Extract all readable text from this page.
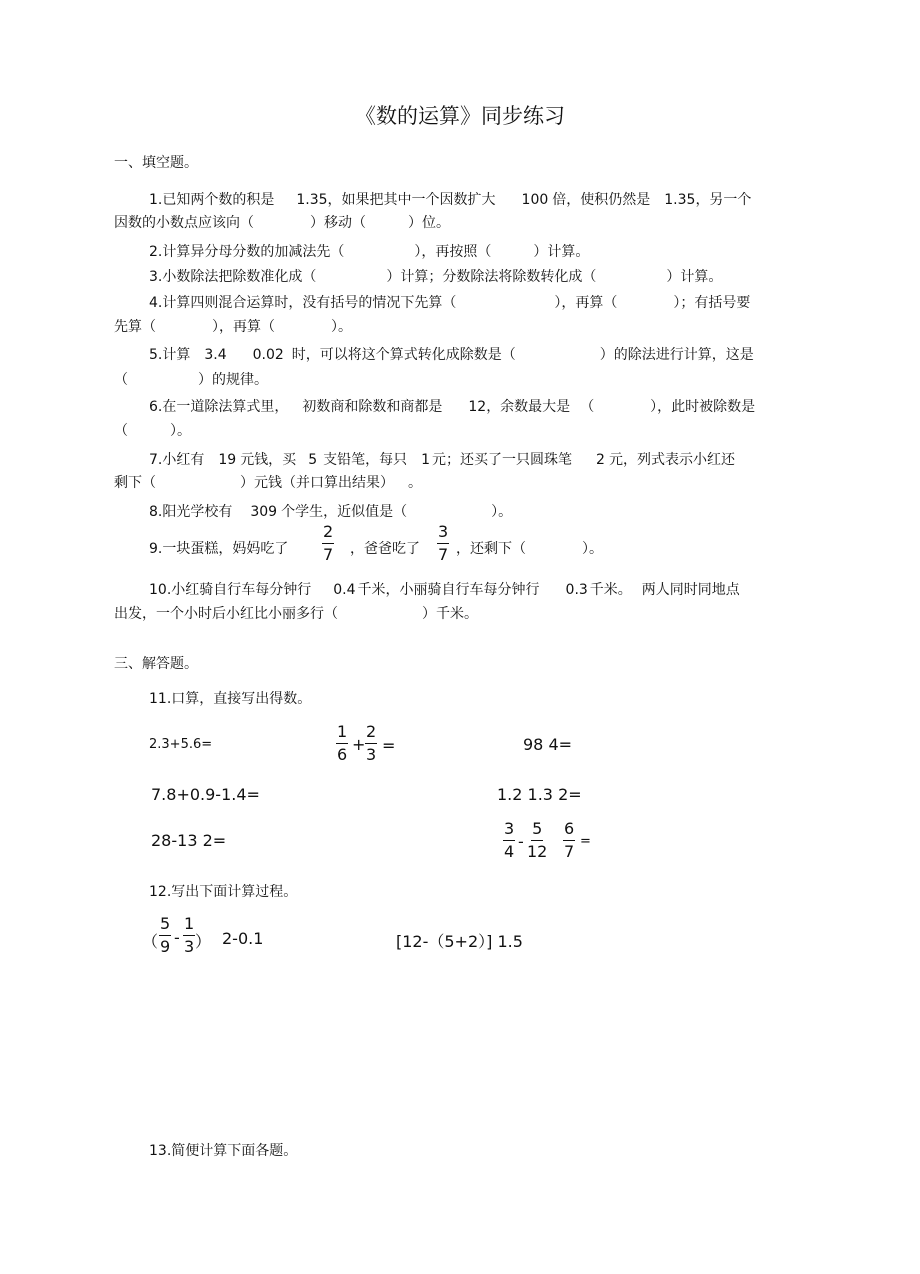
《数的运算》同步练习
一、填空题。
1.已知两个数的积是 1.35，如果把其中一个因数扩大 100 倍，使积仍然是 1.35，另一个
因数的小数点应该向（　　　　）移动（　　　）位。
2.计算异分母分数的加减法先（　　　　　），再按照（　　　）计算。
3.小数除法把除数准化成（　　　　　）计算；分数除法将除数转化成（　　　　　）计算。
4.计算四则混合运算时，没有括号的情况下先算（　　　　　　　），再算（　　　　）；有括号要
先算（　　　　），再算（　　　　）。
5.计算 3.4 0.02 时，可以将这个算式转化成除数是（　　　　　　）的除法进行计算，这是
（　　　　　）的规律。
6.在一道除法算式里， 初数商和除数和商都是 12，余数最大是 （　　　　），此时被除数是
（　　　）。
7.小红有 19 元钱，买 5 支铅笔，每只 1 元；还买了一只圆珠笔 2 元，列式表示小红还
剩下（　　　　　　）元钱（并口算出结果） 。
8.阳光学校有 309 个学生，近似值是（　　　　　　）。
9.一块蛋糕，妈妈吃了 $\frac{2}{7}$ ，爸爸吃了 $\frac{3}{7}$ ，还剩下（　　　　）。
10.小红骑自行车每分钟行 0.4 千米，小丽骑自行车每分钟行 0.3 千米。 两人同时同地点
出发，一个小时后小红比小丽多行（　　　　　　）千米。
三、解答题。
11.口算，直接写出得数。
2.3+5.6=	$\frac{1}{6} + \frac{2}{3}$ =	98 4=
7.8+0.9-1.4=	1.2 1.3 2=
28-13 2=	$\frac{3}{4} - \frac{5}{12} \frac{6}{7}$ =
12.写出下面计算过程。
（ $\frac{5}{9} - \frac{1}{3}$ ） 2-0.1	[12-（5+2）] 1.5
13.简便计算下面各题。
